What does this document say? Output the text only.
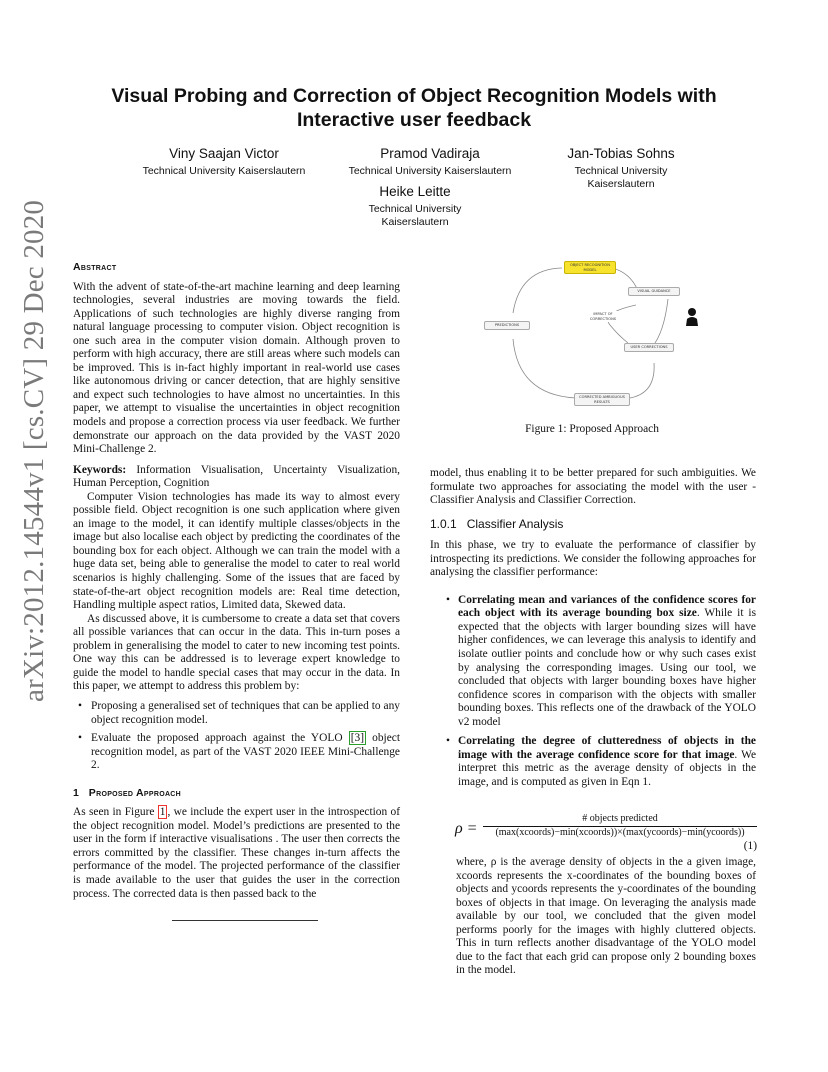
arXiv:2012.14544v1 [cs.CV] 29 Dec 2020
Visual Probing and Correction of Object Recognition Models with
Interactive user feedback
Viny Saajan Victor
Technical University Kaiserslautern
Pramod Vadiraja
Technical University Kaiserslautern
Jan-Tobias Sohns
Technical University Kaiserslautern
Heike Leitte
Technical University Kaiserslautern
Abstract

With the advent of state-of-the-art machine learning and deep learning technologies, several industries are moving towards the field. Applications of such technologies are highly diverse ranging from natural language processing to computer vision. Object recognition is one such area in the computer vision domain. Although proven to perform with high accuracy, there are still areas where such models can be improved. This is in-fact highly important in real-world use cases like autonomous driving or cancer detection, that are highly sensitive and expect such technologies to have almost no uncertainties. In this paper, we attempt to visualise the uncertainties in object recognition models and propose a correction process via user feedback. We further demonstrate our approach on the data provided by the VAST 2020 Mini-Challenge 2.

Keywords: Information Visualisation, Uncertainty Visualization, Human Perception, Cognition

Computer Vision technologies has made its way to almost every possible field. Object recognition is one such application where given an image to the model, it can identify multiple classes/objects in the image but also localise each object by predicting the coordinates of the bounding box for each object. Although we can train the model with a huge data set, being able to generalise the model to cater to real world scenarios is highly challenging. Some of the issues that are faced by state-of-the-art object recognition models are: Real time detection, Handling multiple aspect ratios, Limited data, Skewed data.

As discussed above, it is cumbersome to create a data set that covers all possible variances that can occur in the data. This in-turn poses a problem in generalising the model to cater to new incoming test points. One way this can be addressed is to leverage expert knowledge to guide the model to handle special cases that may occur in the data. In this paper, we attempt to address this problem by:

• Proposing a generalised set of techniques that can be applied to any object recognition model.
• Evaluate the proposed approach against the YOLO [3] object recognition model, as part of the VAST 2020 IEEE Mini-Challenge 2.
1 Proposed Approach

As seen in Figure 1 , we include the expert user in the introspection of the object recognition model. Model’s predictions are presented to the user in the form if interactive visualisations . The user then corrects the errors committed by the classifier. These changes in-turn affects the performance of the model. The projected performance of the classifier is made available to the user that guides the user in the correction process. The corrected data is then passed back to the

OBJECT RECOGNITION MODEL
VISUAL GUIDANCE
PREDICTIONS
IMPACT OF CORRECTIONS
USER CORRECTIONS
CORRECTED AMBIGUOUS RESULTS
Figure 1: Proposed Approach

model, thus enabling it to be better prepared for such ambiguities. We formulate two approaches for associating the model with the user - Classifier Analysis and Classifier Correction.

1.0.1 Classifier Analysis

In this phase, we try to evaluate the performance of classifier by introspecting its predictions. We consider the following approaches for analysing the classifier performance:

• Correlating mean and variances of the confidence scores for each object with its average bounding box size. While it is expected that the objects with larger bounding sizes will have higher confidences, we can leverage this analysis to identify and isolate outlier points and conclude how or why such cases exist by analysing the corresponding images. Using our tool, we concluded that objects with larger bounding boxes have higher confidence scores in comparison with the objects with smaller bounding boxes. This reflects one of the drawback of the YOLO v2 model
• Correlating the degree of clutteredness of objects in the image with the average confidence score for that image. We interpret this metric as the average density of objects in the image, and is computed as given in Eqn 1.
ρ =
# objects predicted
(max(xcoords)−min(xcoords))×(max(ycoords)−min(ycoords))
(1)
where, ρ is the average density of objects in the a given image, xcoords represents the x-coordinates of the bounding boxes of objects and ycoords represents the y-coordinates of the bounding boxes of objects in that image. On leveraging the analysis made available by our tool, we concluded that the given model performs poorly for the images with highly cluttered objects. This in turn reflects another disadvantage of the YOLO model due to the fact that each grid can propose only 2 bounding boxes in the model.
